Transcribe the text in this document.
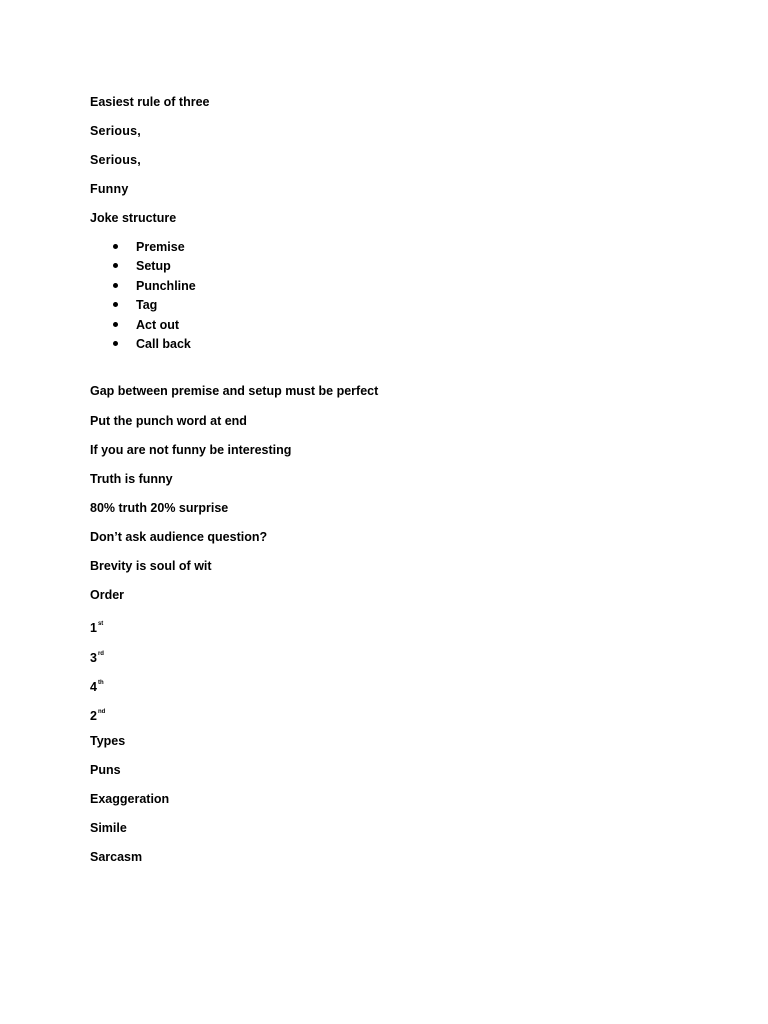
Easiest rule of three
Serious,
Serious,
Funny
Joke structure
Premise
Setup
Punchline
Tag
Act out
Call back
Gap between premise and setup must be perfect
Put the punch word at end
If you are not funny be interesting
Truth is funny
80% truth 20% surprise
Don’t ask audience question?
Brevity is soul of wit
Order
1st
3rd
4th
2nd
Types
Puns
Exaggeration
Simile
Sarcasm
